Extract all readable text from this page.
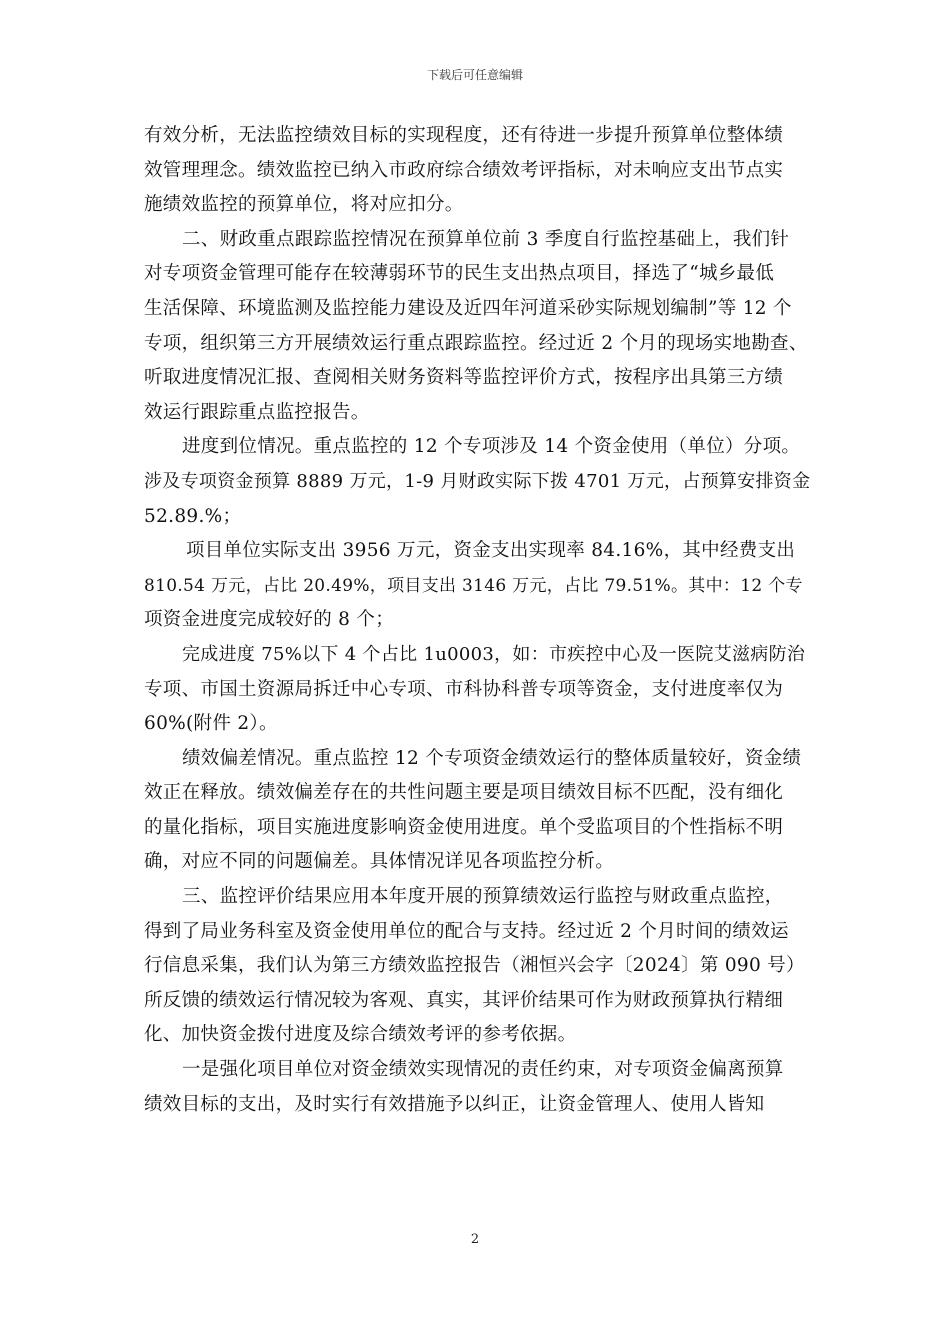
下载后可任意编辑
有效分析，无法监控绩效目标的实现程度，还有待进一步提升预算单位整体绩
效管理理念。绩效监控已纳入市政府综合绩效考评指标，对未响应支出节点实
施绩效监控的预算单位，将对应扣分。
二、财政重点跟踪监控情况在预算单位前 3 季度自行监控基础上，我们针
对专项资金管理可能存在较薄弱环节的民生支出热点项目，择选了“城乡最低
生活保障、环境监测及监控能力建设及近四年河道采砂实际规划编制”等 12 个
专项，组织第三方开展绩效运行重点跟踪监控。经过近 2 个月的现场实地勘查、
听取进度情况汇报、查阅相关财务资料等监控评价方式，按程序出具第三方绩
效运行跟踪重点监控报告。
进度到位情况。重点监控的 12 个专项涉及 14 个资金使用（单位）分项。
涉及专项资金预算 8889 万元，1-9 月财政实际下拨 4701 万元，占预算安排资金
52.89.%；
项目单位实际支出 3956 万元，资金支出实现率 84.16%，其中经费支出
810.54 万元，占比 20.49%，项目支出 3146 万元，占比 79.51%。其中：12 个专
项资金进度完成较好的 8 个；
完成进度 75%以下 4 个占比 1u0003，如：市疾控中心及一医院艾滋病防治
专项、市国土资源局拆迁中心专项、市科协科普专项等资金，支付进度率仅为
60%(附件 2）。
绩效偏差情况。重点监控 12 个专项资金绩效运行的整体质量较好，资金绩
效正在释放。绩效偏差存在的共性问题主要是项目绩效目标不匹配，没有细化
的量化指标，项目实施进度影响资金使用进度。单个受监项目的个性指标不明
确，对应不同的问题偏差。具体情况详见各项监控分析。
三、监控评价结果应用本年度开展的预算绩效运行监控与财政重点监控，
得到了局业务科室及资金使用单位的配合与支持。经过近 2 个月时间的绩效运
行信息采集，我们认为第三方绩效监控报告（湘恒兴会字〔2024〕第 090 号）
所反馈的绩效运行情况较为客观、真实，其评价结果可作为财政预算执行精细
化、加快资金拨付进度及综合绩效考评的参考依据。
一是强化项目单位对资金绩效实现情况的责任约束，对专项资金偏离预算
绩效目标的支出，及时实行有效措施予以纠正，让资金管理人、使用人皆知
2
